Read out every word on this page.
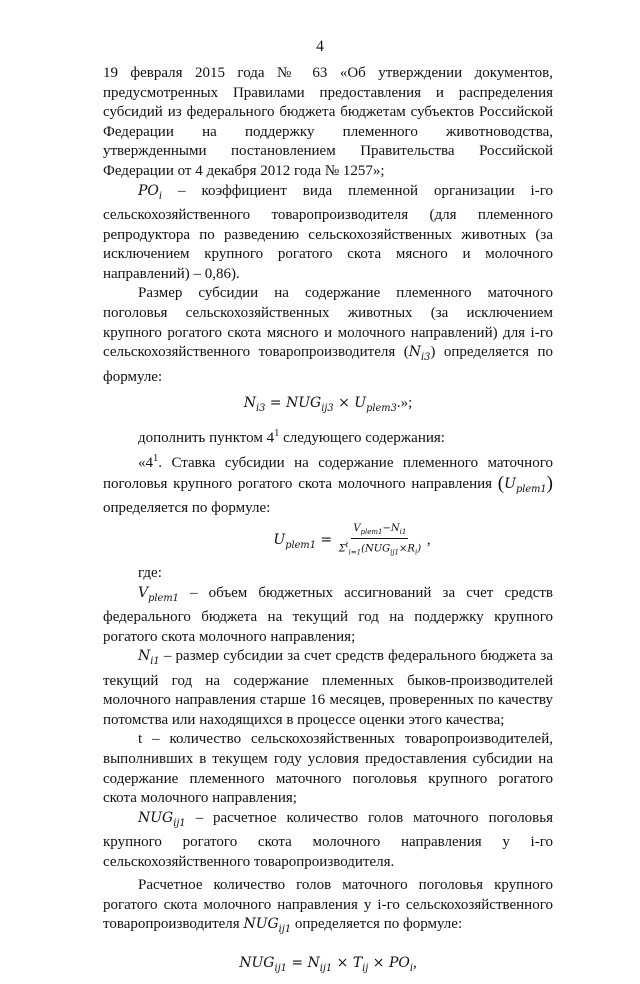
4

19 февраля 2015 года № 63 «Об утверждении документов, предусмотренных Правилами предоставления и распределения субсидий из федерального бюджета бюджетам субъектов Российской Федерации на поддержку племенного животноводства, утвержденными постановлением Правительства Российской Федерации от 4 декабря 2012 года № 1257»;

$PO_i$ – коэффициент вида племенной организации i-го сельскохозяйственного товаропроизводителя (для племенного репродуктора по разведению сельскохозяйственных животных (за исключением крупного рогатого скота мясного и молочного направлений) – 0,86).

Размер субсидии на содержание племенного маточного поголовья сельскохозяйственных животных (за исключением крупного рогатого скота мясного и молочного направлений) для i-го сельскохозяйственного товаропроизводителя $(N_{i3})$ определяется по формуле:

$N_{i3} = NUG_{ij3} \times U_{plem3}$.»;

дополнить пунктом $4^1$ следующего содержания:

«$4^1$. Ставка субсидии на содержание племенного маточного поголовья крупного рогатого скота молочного направления $(U_{plem1})$ определяется по формуле:

$U_{plem1} = \frac{V_{plem1}-N_{i1}}{\Sigma^t_{i=1}(NUG_{ij1}\times R_i)}$ ,

где:

$V_{plem1}$ – объем бюджетных ассигнований за счет средств федерального бюджета на текущий год на поддержку крупного рогатого скота молочного направления;

$N_{i1}$ – размер субсидии за счет средств федерального бюджета за текущий год на содержание племенных быков-производителей молочного направления старше 16 месяцев, проверенных по качеству потомства или находящихся в процессе оценки этого качества;

t – количество сельскохозяйственных товаропроизводителей, выполнивших в текущем году условия предоставления субсидии на содержание племенного маточного поголовья крупного рогатого скота молочного направления;

$NUG_{ij1}$ – расчетное количество голов маточного поголовья крупного рогатого скота молочного направления у i-го сельскохозяйственного товаропроизводителя.

Расчетное количество голов маточного поголовья крупного рогатого скота молочного направления у i-го сельскохозяйственного товаропроизводителя $NUG_{ij1}$ определяется по формуле:

$NUG_{ij1} = N_{ij1} \times T_{ij} \times PO_i$,
